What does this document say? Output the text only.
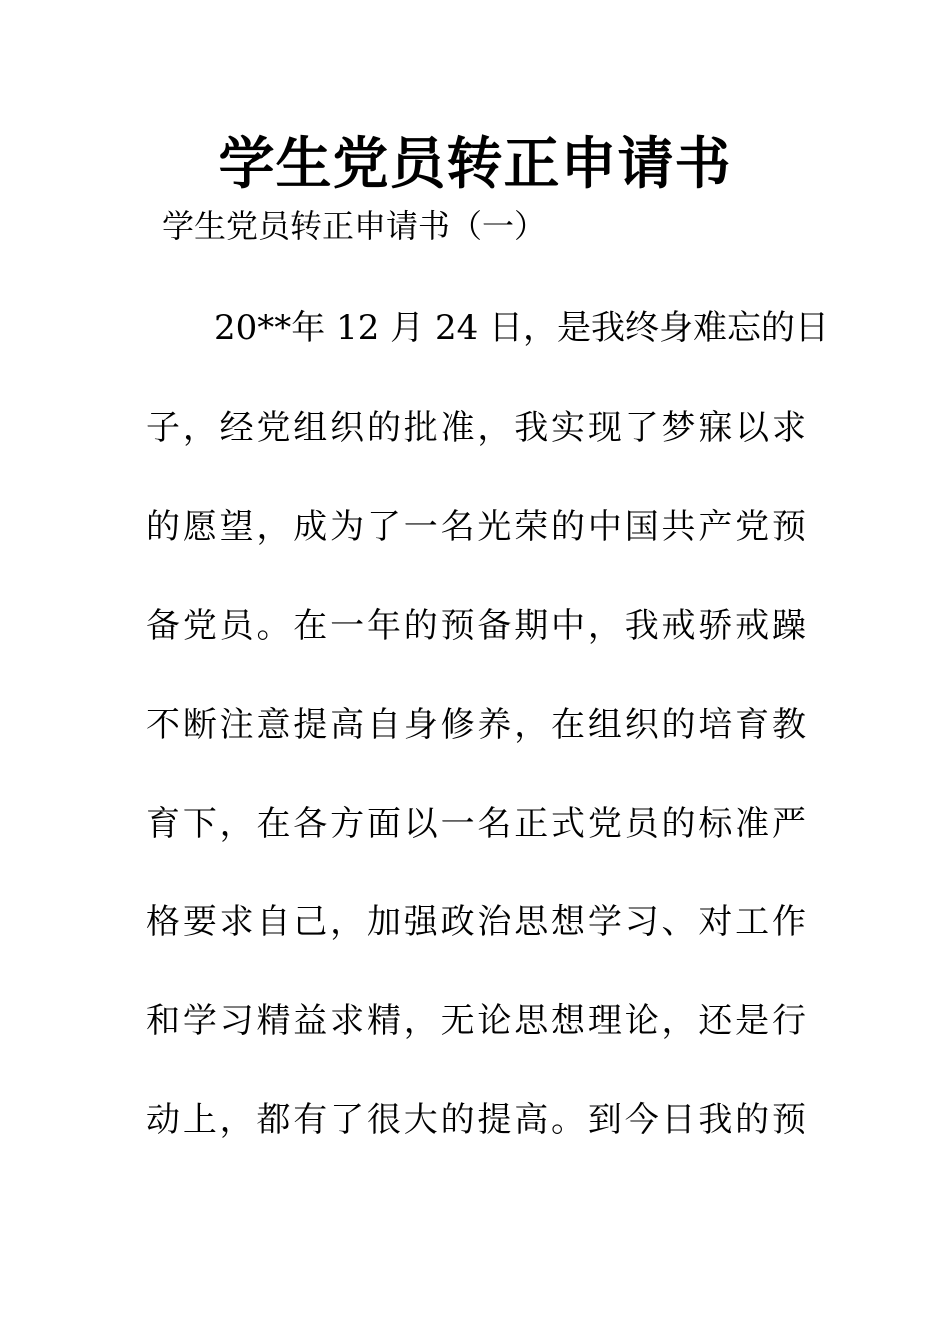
学生党员转正申请书
学生党员转正申请书（一）
20**年 12 月 24 日，是我终身难忘的日
子，经党组织的批准，我实现了梦寐以求
的愿望，成为了一名光荣的中国共产党预
备党员。在一年的预备期中，我戒骄戒躁
不断注意提高自身修养，在组织的培育教
育下，在各方面以一名正式党员的标准严
格要求自己，加强政治思想学习、对工作
和学习精益求精，无论思想理论，还是行
动上，都有了很大的提高。到今日我的预
